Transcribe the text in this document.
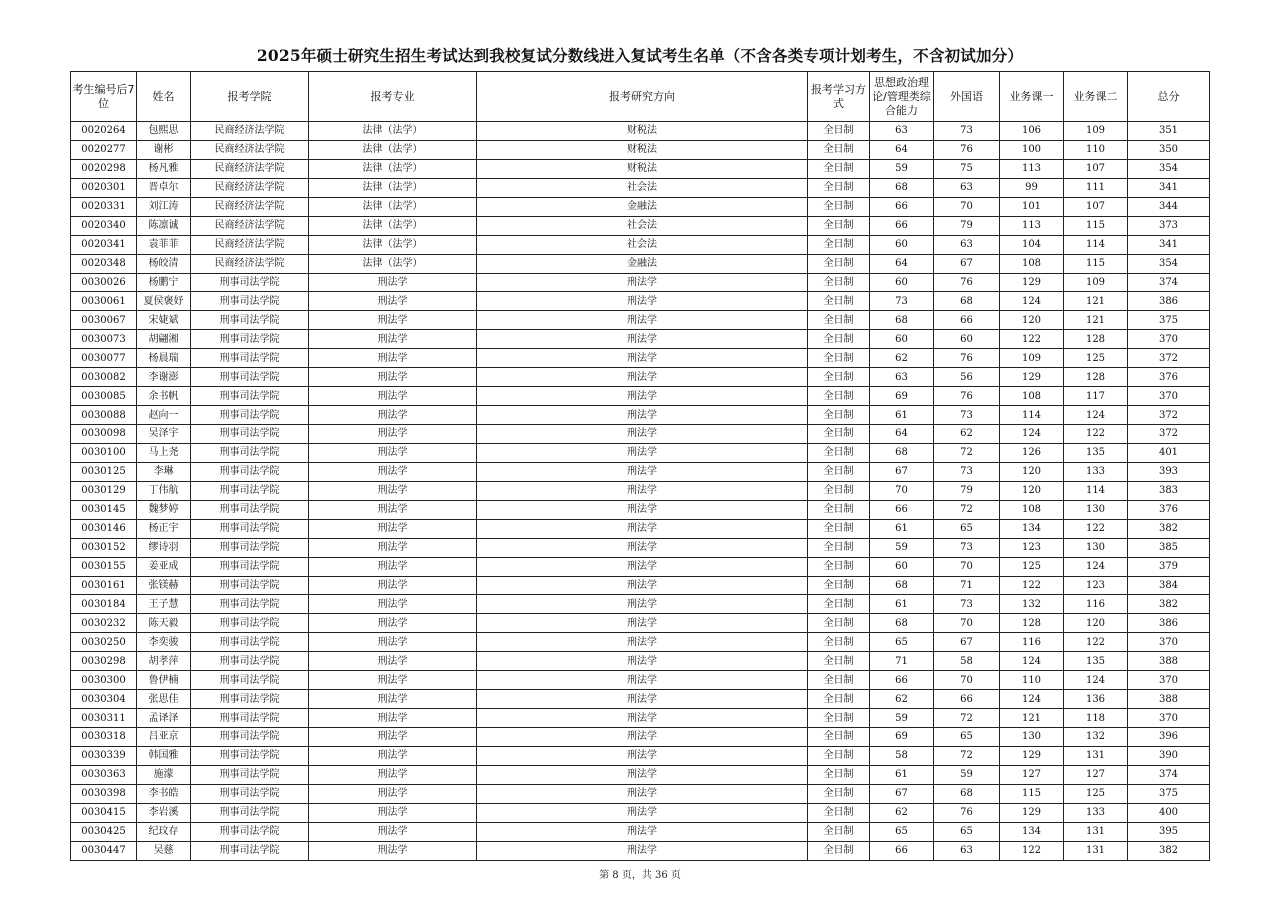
2025年硕士研究生招生考试达到我校复试分数线进入复试考生名单（不含各类专项计划考生，不含初试加分）
考生编号后7位	姓名	报考学院	报考专业	报考研究方向	报考学习方式	思想政治理论/管理类综合能力	外国语	业务课一	业务课二	总分
0020264	包熙思	民商经济法学院	法律（法学）	财税法	全日制	63	73	106	109	351
0020277	谢彬	民商经济法学院	法律（法学）	财税法	全日制	64	76	100	110	350
0020298	杨凡雅	民商经济法学院	法律（法学）	财税法	全日制	59	75	113	107	354
0020301	晋卓尔	民商经济法学院	法律（法学）	社会法	全日制	68	63	99	111	341
0020331	刘江涛	民商经济法学院	法律（法学）	金融法	全日制	66	70	101	107	344
0020340	陈凛诚	民商经济法学院	法律（法学）	社会法	全日制	66	79	113	115	373
0020341	袁菲菲	民商经济法学院	法律（法学）	社会法	全日制	60	63	104	114	341
0020348	杨皎清	民商经济法学院	法律（法学）	金融法	全日制	64	67	108	115	354
0030026	杨鹏宁	刑事司法学院	刑法学	刑法学	全日制	60	76	129	109	374
0030061	夏侯褒妤	刑事司法学院	刑法学	刑法学	全日制	73	68	124	121	386
0030067	宋婕斌	刑事司法学院	刑法学	刑法学	全日制	68	66	120	121	375
0030073	胡翩湘	刑事司法学院	刑法学	刑法学	全日制	60	60	122	128	370
0030077	杨晨瑞	刑事司法学院	刑法学	刑法学	全日制	62	76	109	125	372
0030082	李谢澎	刑事司法学院	刑法学	刑法学	全日制	63	56	129	128	376
0030085	余书帆	刑事司法学院	刑法学	刑法学	全日制	69	76	108	117	370
0030088	赵向一	刑事司法学院	刑法学	刑法学	全日制	61	73	114	124	372
0030098	吴泽宇	刑事司法学院	刑法学	刑法学	全日制	64	62	124	122	372
0030100	马上尧	刑事司法学院	刑法学	刑法学	全日制	68	72	126	135	401
0030125	李琳	刑事司法学院	刑法学	刑法学	全日制	67	73	120	133	393
0030129	丁伟航	刑事司法学院	刑法学	刑法学	全日制	70	79	120	114	383
0030145	魏梦婷	刑事司法学院	刑法学	刑法学	全日制	66	72	108	130	376
0030146	杨正宇	刑事司法学院	刑法学	刑法学	全日制	61	65	134	122	382
0030152	缪诗羽	刑事司法学院	刑法学	刑法学	全日制	59	73	123	130	385
0030155	姜亚成	刑事司法学院	刑法学	刑法学	全日制	60	70	125	124	379
0030161	张镁赫	刑事司法学院	刑法学	刑法学	全日制	68	71	122	123	384
0030184	王子慧	刑事司法学院	刑法学	刑法学	全日制	61	73	132	116	382
0030232	陈天毅	刑事司法学院	刑法学	刑法学	全日制	68	70	128	120	386
0030250	李奕骏	刑事司法学院	刑法学	刑法学	全日制	65	67	116	122	370
0030298	胡孝萍	刑事司法学院	刑法学	刑法学	全日制	71	58	124	135	388
0030300	鲁伊楠	刑事司法学院	刑法学	刑法学	全日制	66	70	110	124	370
0030304	张思佳	刑事司法学院	刑法学	刑法学	全日制	62	66	124	136	388
0030311	孟译泽	刑事司法学院	刑法学	刑法学	全日制	59	72	121	118	370
0030318	吕亚京	刑事司法学院	刑法学	刑法学	全日制	69	65	130	132	396
0030339	韩国雅	刑事司法学院	刑法学	刑法学	全日制	58	72	129	131	390
0030363	施濛	刑事司法学院	刑法学	刑法学	全日制	61	59	127	127	374
0030398	李书皓	刑事司法学院	刑法学	刑法学	全日制	67	68	115	125	375
0030415	李岩溪	刑事司法学院	刑法学	刑法学	全日制	62	76	129	133	400
0030425	纪玟存	刑事司法学院	刑法学	刑法学	全日制	65	65	134	131	395
0030447	吴慈	刑事司法学院	刑法学	刑法学	全日制	66	63	122	131	382
第 8 页，共 36 页
